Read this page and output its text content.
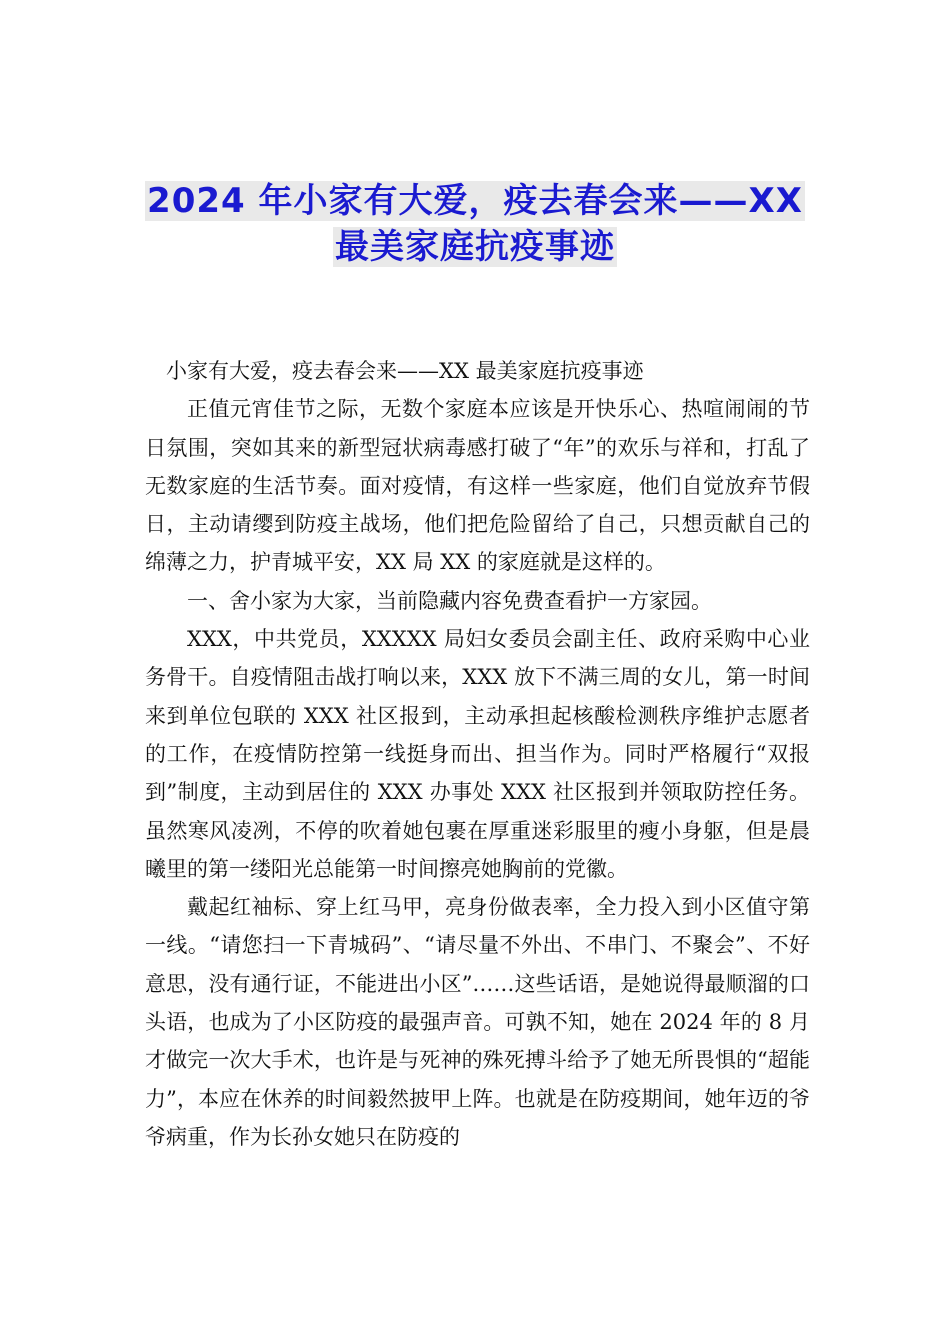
2024 年小家有大爱，疫去春会来——XX
最美家庭抗疫事迹

小家有大爱，疫去春会来——XX 最美家庭抗疫事迹

正值元宵佳节之际，无数个家庭本应该是开快乐心、热喧闹闹的节日氛围，突如其来的新型冠状病毒感打破了“年”的欢乐与祥和，打乱了无数家庭的生活节奏。面对疫情，有这样一些家庭，他们自觉放弃节假日，主动请缨到防疫主战场，他们把危险留给了自己，只想贡献自己的绵薄之力，护青城平安，XX 局 XX 的家庭就是这样的。

一、舍小家为大家，当前隐藏内容免费查看护一方家园。

XXX，中共党员，XXXXX 局妇女委员会副主任、政府采购中心业务骨干。自疫情阻击战打响以来，XXX 放下不满三周的女儿，第一时间来到单位包联的 XXX 社区报到，主动承担起核酸检测秩序维护志愿者的工作，在疫情防控第一线挺身而出、担当作为。同时严格履行“双报到”制度，主动到居住的 XXX 办事处 XXX 社区报到并领取防控任务。虽然寒风凌冽，不停的吹着她包裹在厚重迷彩服里的瘦小身躯，但是晨曦里的第一缕阳光总能第一时间擦亮她胸前的党徽。

戴起红袖标、穿上红马甲，亮身份做表率，全力投入到小区值守第一线。“请您扫一下青城码”、“请尽量不外出、不串门、不聚会”、不好意思，没有通行证，不能进出小区”……这些话语，是她说得最顺溜的口头语，也成为了小区防疫的最强声音。可孰不知，她在 2024 年的 8 月才做完一次大手术，也许是与死神的殊死搏斗给予了她无所畏惧的“超能力”，本应在休养的时间毅然披甲上阵。也就是在防疫期间，她年迈的爷爷病重，作为长孙女她只在防疫的
